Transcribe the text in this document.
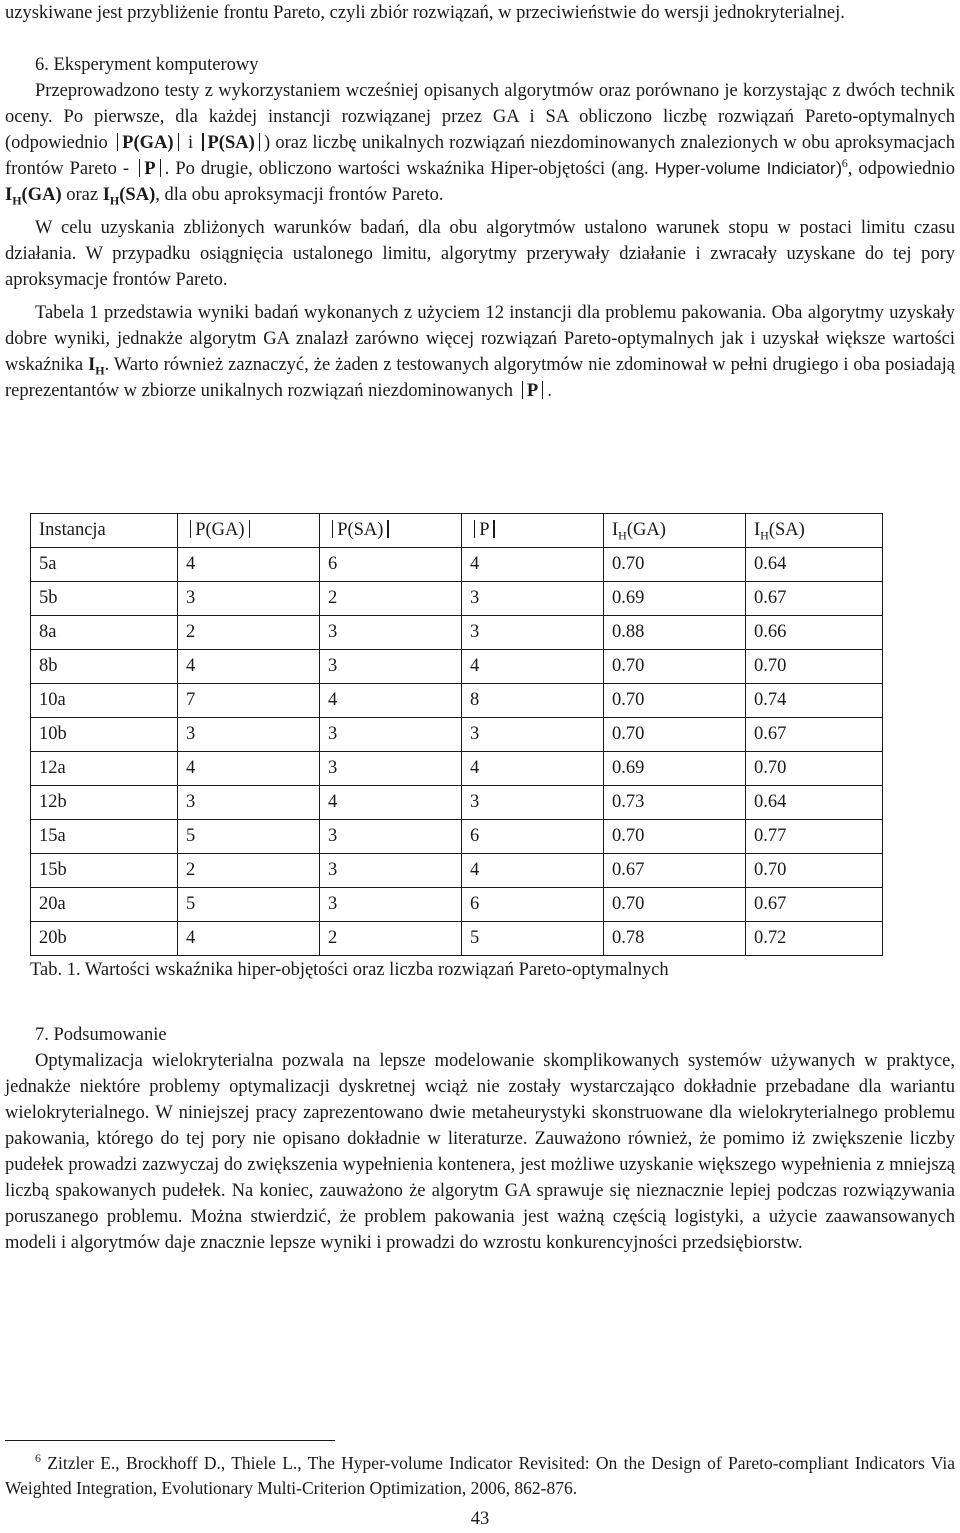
uzyskiwane jest przybliżenie frontu Pareto, czyli zbiór rozwiązań, w przeciwieństwie do wersji jednokryterialnej.

6. Eksperyment komputerowy

Przeprowadzono testy z wykorzystaniem wcześniej opisanych algorytmów oraz porównano je korzystając z dwóch technik oceny. Po pierwsze, dla każdej instancji rozwiązanej przez GA i SA obliczono liczbę rozwiązań Pareto-optymalnych (odpowiednio P(GA) i P(SA) ) oraz liczbę unikalnych rozwiązań niezdominowanych znalezionych w obu aproksymacjach frontów Pareto - P . Po drugie, obliczono wartości wskaźnika Hiper-objętości (ang. Hyper-volume Indiciator)$^6$, odpowiednio $I_H(GA)$ oraz $I_H(SA)$, dla obu aproksymacji frontów Pareto.

W celu uzyskania zbliżonych warunków badań, dla obu algorytmów ustalono warunek stopu w postaci limitu czasu działania. W przypadku osiągnięcia ustalonego limitu, algorytmy przerywały działanie i zwracały uzyskane do tej pory aproksymacje frontów Pareto.

Tabela 1 przedstawia wyniki badań wykonanych z użyciem 12 instancji dla problemu pakowania. Oba algorytmy uzyskały dobre wyniki, jednakże algorytm GA znalazł zarówno więcej rozwiązań Pareto-optymalnych jak i uzyskał większe wartości wskaźnika $I_H$. Warto również zaznaczyć, że żaden z testowanych algorytmów nie zdominował w pełni drugiego i oba posiadają reprezentantów w zbiorze unikalnych rozwiązań niezdominowanych P .

Instancja	P(GA)	P(SA)	P	$I_H(GA)$	$I_H(SA)$
5a	4	6	4	0.70	0.64
5b	3	2	3	0.69	0.67
8a	2	3	3	0.88	0.66
8b	4	3	4	0.70	0.70
10a	7	4	8	0.70	0.74
10b	3	3	3	0.70	0.67
12a	4	3	4	0.69	0.70
12b	3	4	3	0.73	0.64
15a	5	3	6	0.70	0.77
15b	2	3	4	0.67	0.70
20a	5	3	6	0.70	0.67
20b	4	2	5	0.78	0.72

Tab. 1. Wartości wskaźnika hiper-objętości oraz liczba rozwiązań Pareto-optymalnych

7. Podsumowanie

Optymalizacja wielokryterialna pozwala na lepsze modelowanie skomplikowanych systemów używanych w praktyce, jednakże niektóre problemy optymalizacji dyskretnej wciąż nie zostały wystarczająco dokładnie przebadane dla wariantu wielokryterialnego. W niniejszej pracy zaprezentowano dwie metaheurystyki skonstruowane dla wielokryterialnego problemu pakowania, którego do tej pory nie opisano dokładnie w literaturze. Zauważono również, że pomimo iż zwiększenie liczby pudełek prowadzi zazwyczaj do zwiększenia wypełnienia kontenera, jest możliwe uzyskanie większego wypełnienia z mniejszą liczbą spakowanych pudełek. Na koniec, zauważono że algorytm GA sprawuje się nieznacznie lepiej podczas rozwiązywania poruszanego problemu. Można stwierdzić, że problem pakowania jest ważną częścią logistyki, a użycie zaawansowanych modeli i algorytmów daje znacznie lepsze wyniki i prowadzi do wzrostu konkurencyjności przedsiębiorstw.

$^6$ Zitzler E., Brockhoff D., Thiele L., The Hyper-volume Indicator Revisited: On the Design of Pareto-compliant Indicators Via Weighted Integration, Evolutionary Multi-Criterion Optimization, 2006, 862-876.

43
